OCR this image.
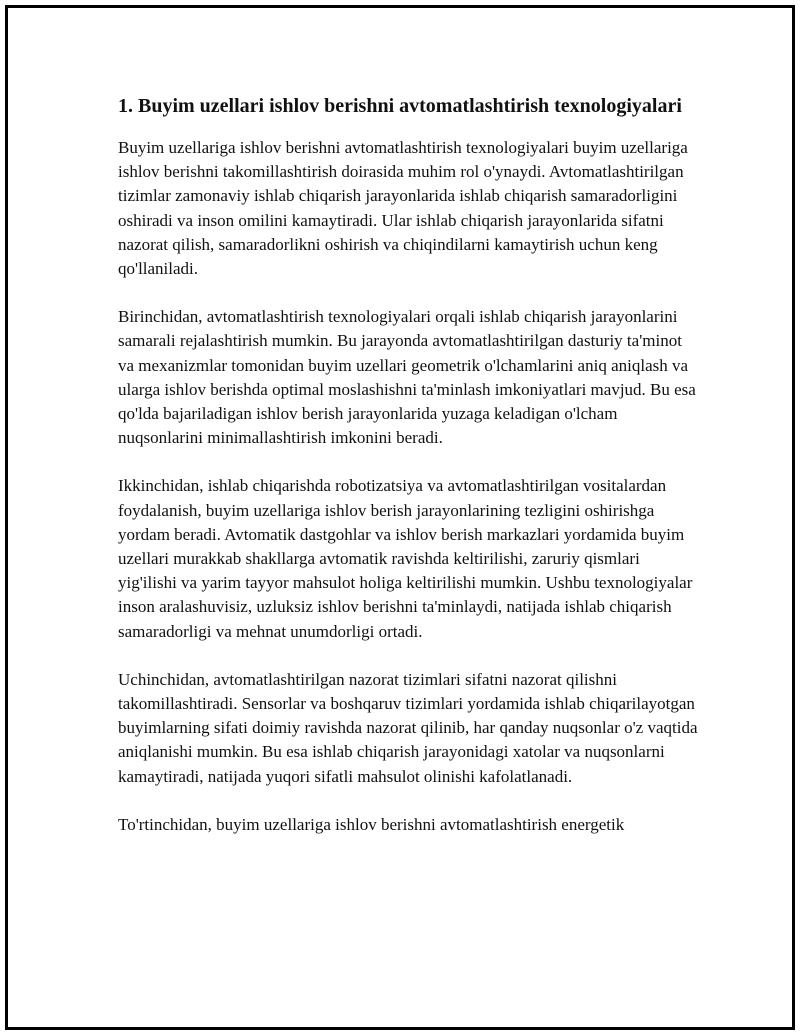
1. Buyim uzellari ishlov berishni avtomatlashtirish texnologiyalari

Buyim uzellariga ishlov berishni avtomatlashtirish texnologiyalari buyim uzellariga ishlov berishni takomillashtirish doirasida muhim rol o'ynaydi. Avtomatlashtirilgan tizimlar zamonaviy ishlab chiqarish jarayonlarida ishlab chiqarish samaradorligini oshiradi va inson omilini kamaytiradi. Ular ishlab chiqarish jarayonlarida sifatni nazorat qilish, samaradorlikni oshirish va chiqindilarni kamaytirish uchun keng qo'llaniladi.

Birinchidan, avtomatlashtirish texnologiyalari orqali ishlab chiqarish jarayonlarini samarali rejalashtirish mumkin. Bu jarayonda avtomatlashtirilgan dasturiy ta'minot va mexanizmlar tomonidan buyim uzellari geometrik o'lchamlarini aniq aniqlash va ularga ishlov berishda optimal moslashishni ta'minlash imkoniyatlari mavjud. Bu esa qo'lda bajariladigan ishlov berish jarayonlarida yuzaga keladigan o'lcham nuqsonlarini minimallashtirish imkonini beradi.

Ikkinchidan, ishlab chiqarishda robotizatsiya va avtomatlashtirilgan vositalardan foydalanish, buyim uzellariga ishlov berish jarayonlarining tezligini oshirishga yordam beradi. Avtomatik dastgohlar va ishlov berish markazlari yordamida buyim uzellari murakkab shakllarga avtomatik ravishda keltirilishi, zaruriy qismlari yig'ilishi va yarim tayyor mahsulot holiga keltirilishi mumkin. Ushbu texnologiyalar inson aralashuvisiz, uzluksiz ishlov berishni ta'minlaydi, natijada ishlab chiqarish samaradorligi va mehnat unumdorligi ortadi.

Uchinchidan, avtomatlashtirilgan nazorat tizimlari sifatni nazorat qilishni takomillashtiradi. Sensorlar va boshqaruv tizimlari yordamida ishlab chiqarilayotgan buyimlarning sifati doimiy ravishda nazorat qilinib, har qanday nuqsonlar o'z vaqtida aniqlanishi mumkin. Bu esa ishlab chiqarish jarayonidagi xatolar va nuqsonlarni kamaytiradi, natijada yuqori sifatli mahsulot olinishi kafolatlanadi.

To'rtinchidan, buyim uzellariga ishlov berishni avtomatlashtirish energetik
